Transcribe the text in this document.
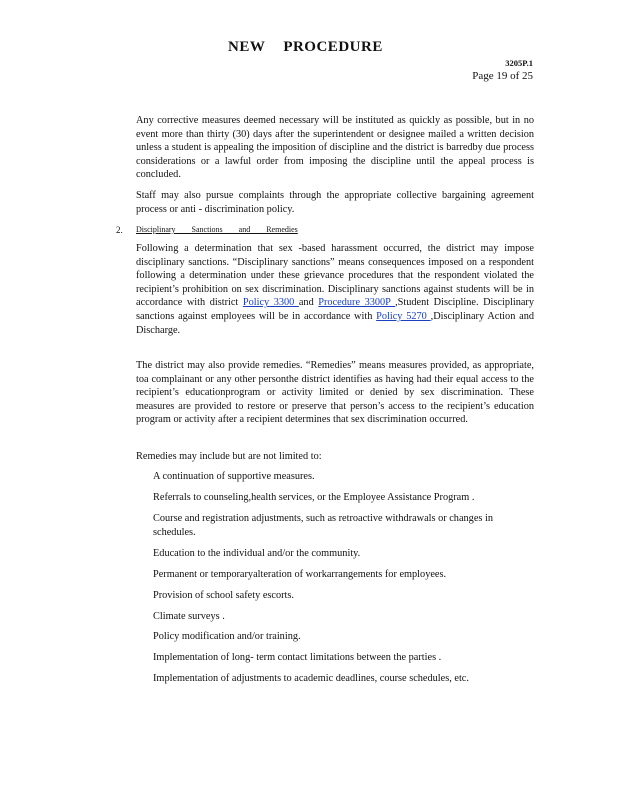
NEW PROCEDURE
3205P.1
Page 19 of 25
Any corrective measures deemed necessary will be instituted as quickly as possible, but in no event more than thirty (30) days after the superintendent or designee mailed a written decision unless a student is appealing the imposition of discipline and the district is barredby due process considerations or a lawful order from imposing the discipline until the appeal process is concluded.
Staff may also pursue complaints through the appropriate collective bargaining agreement process or anti - discrimination policy.
2. Disciplinary Sanctions and Remedies
Following a determination that sex -based harassment occurred, the district may impose disciplinary sanctions. “Disciplinary sanctions” means consequences imposed on a respondent following a determination under these grievance procedures that the respondent violated the recipient’s prohibition on sex discrimination. Disciplinary sanctions against students will be in accordance with district Policy 3300 and Procedure 3300P ,Student Discipline. Disciplinary sanctions against employees will be in accordance with Policy 5270 ,Disciplinary Action and Discharge.
The district may also provide remedies. “Remedies” means measures provided, as appropriate, toa complainant or any other personthe district identifies as having had their equal access to the recipient’s educationprogram or activity limited or denied by sex discrimination. These measures are provided to restore or preserve that person’s access to the recipient’s education program or activity after a recipient determines that sex discrimination occurred.
Remedies may include but are not limited to:
A continuation of supportive measures.
Referrals to counseling,health services, or the Employee Assistance Program .
Course and registration adjustments, such as retroactive withdrawals or changes in schedules.
Education to the individual and/or the community.
Permanent or temporaryalteration of workarrangements for employees.
Provision of school safety escorts.
Climate surveys .
Policy modification and/or training.
Implementation of long- term contact limitations between the parties .
Implementation of adjustments to academic deadlines, course schedules, etc.
